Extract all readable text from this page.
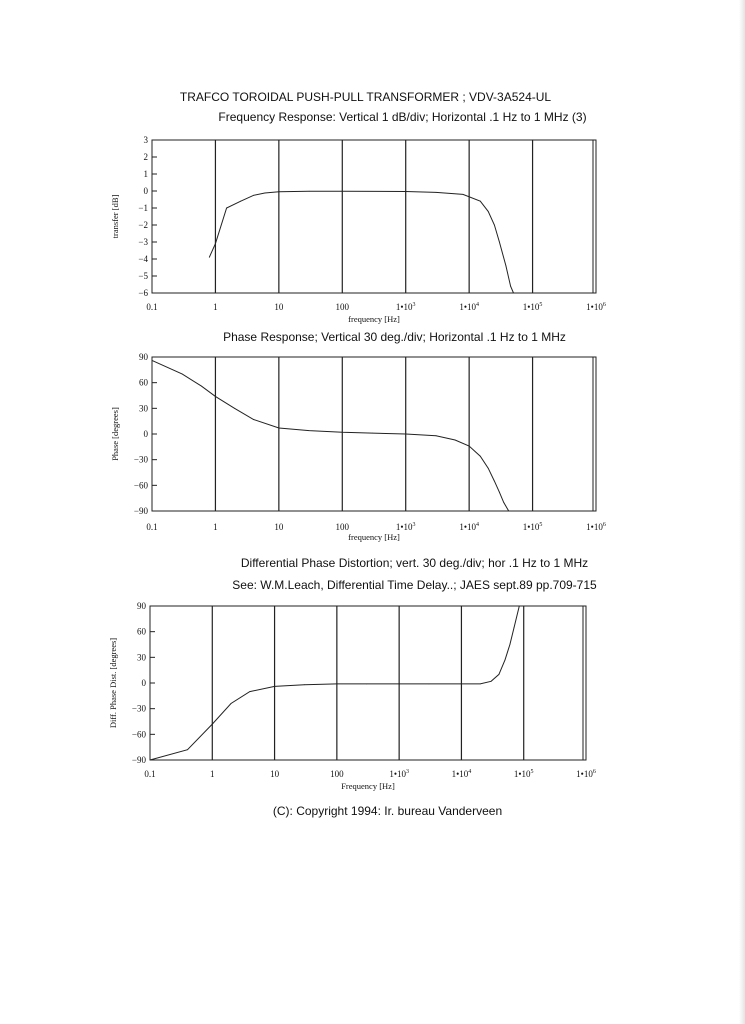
TRAFCO TOROIDAL PUSH-PULL TRANSFORMER ; VDV-3A524-UL
Frequency Response: Vertical 1 dB/div; Horizontal .1 Hz to 1 MHz (3)
Phase Response; Vertical 30 deg./div; Horizontal .1 Hz to 1 MHz
Differential Phase Distortion; vert. 30 deg./div; hor .1 Hz to 1 MHz
See: W.M.Leach, Differential Time Delay..; JAES sept.89 pp.709-715
(C): Copyright 1994: Ir. bureau Vanderveen
3
2
1
0
−1
−2
−3
−4
−5
−6
0.1	1	10	100	$1•10^3$	$1•10^4$	$1•10^5$	$1•10^6$
frequency [Hz]
transfer [dB]
90
60
30
0
−30
−60
−90
0.1	1	10	100	$1•10^3$	$1•10^4$	$1•10^5$	$1•10^6$
frequency [Hz]
Phase [degrees]
90
60
30
0
−30
−60
−90
0.1	1	10	100	$1•10^3$	$1•10^4$	$1•10^5$	$1•10^6$
Frequency [Hz]
Diff. Phase Dist. [degrees]
